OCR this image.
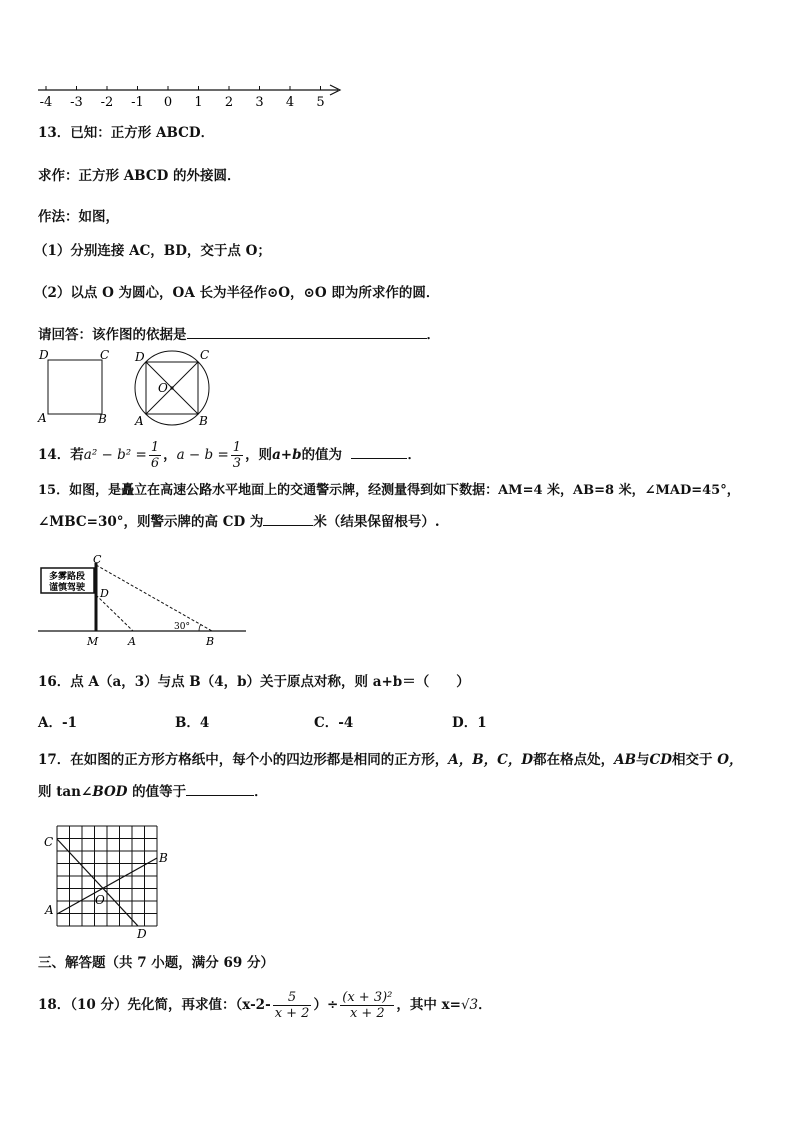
-4 -3 -2 -1 0 1 2 3 4 5
13．已知：正方形 ABCD．
求作：正方形 ABCD 的外接圆．
作法：如图，
（1）分别连接 AC，BD，交于点 O；
（2）以点 O 为圆心，OA 长为半径作⊙O，⊙O 即为所求作的圆．
请回答：该作图的依据是	．
D	C
A	B
D	C
O
A	B
14．若$a^2 - b^2 = \frac{1}{6}$ ，$a - b = \frac{1}{3}$ ，则a+b的值为	．
15．如图，是矗立在高速公路水平地面上的交通警示牌，经测量得到如下数据：AM=4 米，AB=8 米，∠MAD=45°，
∠MBC=30°，则警示牌的高 CD 为	米（结果保留根号）.
多雾路段
谨慎驾驶
30°
C
D
M	A	B
16．点 A（a，3）与点 B（4，b）关于原点对称，则 a+b＝（　　）
A．-1	B．4	C．-4	D．1
17．在如图的正方形方格纸中，每个小的四边形都是相同的正方形，A，B，C，D都在格点处，AB与CD相交于 O，
则 tan∠BOD 的值等于	．
C
B
A
O
D
三、解答题（共 7 小题，满分 69 分）
18．（10 分）先化简，再求值：（$x-2- \frac{5}{x + 2}$ ）÷ $\frac{\text{(x + 3)²}}{x + 2}$ ，其中 x=√3．
